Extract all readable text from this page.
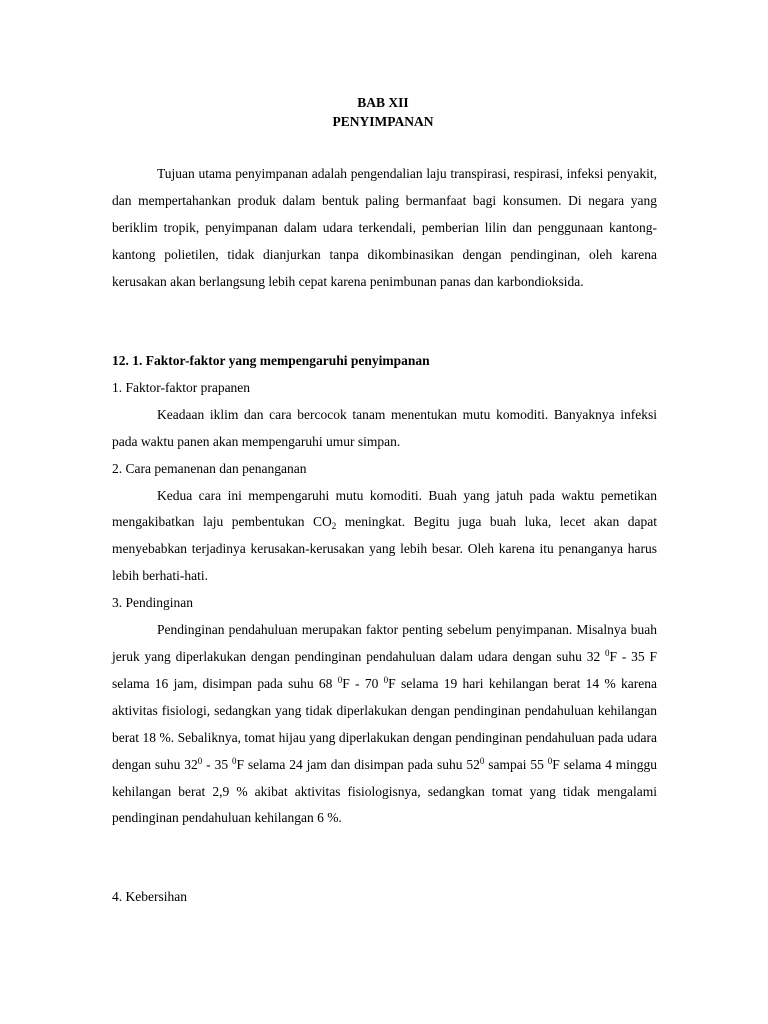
BAB XII
PENYIMPANAN

Tujuan utama penyimpanan adalah pengendalian laju transpirasi, respirasi, infeksi penyakit, dan mempertahankan produk dalam bentuk paling bermanfaat bagi konsumen. Di negara yang beriklim tropik, penyimpanan dalam udara terkendali, pemberian lilin dan penggunaan kantong-kantong polietilen, tidak dianjurkan tanpa dikombinasikan dengan pendinginan, oleh karena kerusakan akan berlangsung lebih cepat karena penimbunan panas dan karbondioksida.

12. 1. Faktor-faktor yang mempengaruhi penyimpanan
1. Faktor-faktor prapanen

Keadaan iklim dan cara bercocok tanam menentukan mutu komoditi. Banyaknya infeksi pada waktu panen akan mempengaruhi umur simpan.

2. Cara pemanenan dan penanganan

Kedua cara ini mempengaruhi mutu komoditi. Buah yang jatuh pada waktu pemetikan mengakibatkan laju pembentukan $CO_2$ meningkat. Begitu juga buah luka, lecet akan dapat menyebabkan terjadinya kerusakan-kerusakan yang lebih besar. Oleh karena itu penanganya harus lebih berhati-hati.

3. Pendinginan

Pendinginan pendahuluan merupakan faktor penting sebelum penyimpanan. Misalnya buah jeruk yang diperlakukan dengan pendinginan pendahuluan dalam udara dengan suhu 32 $^0$F - 35 F selama 16 jam, disimpan pada suhu 68 $^0$F - 70 $^0$F selama 19 hari kehilangan berat 14 % karena aktivitas fisiologi, sedangkan yang tidak diperlakukan dengan pendinginan pendahuluan kehilangan berat 18 %. Sebaliknya, tomat hijau yang diperlakukan dengan pendinginan pendahuluan pada udara dengan suhu $32^0 - 35$ $^0$F selama 24 jam dan disimpan pada suhu $52^0$ sampai 55 $^0$F selama 4 minggu kehilangan berat 2,9 % akibat aktivitas fisiologisnya, sedangkan tomat yang tidak mengalami pendinginan pendahuluan kehilangan 6 %.

4. Kebersihan
